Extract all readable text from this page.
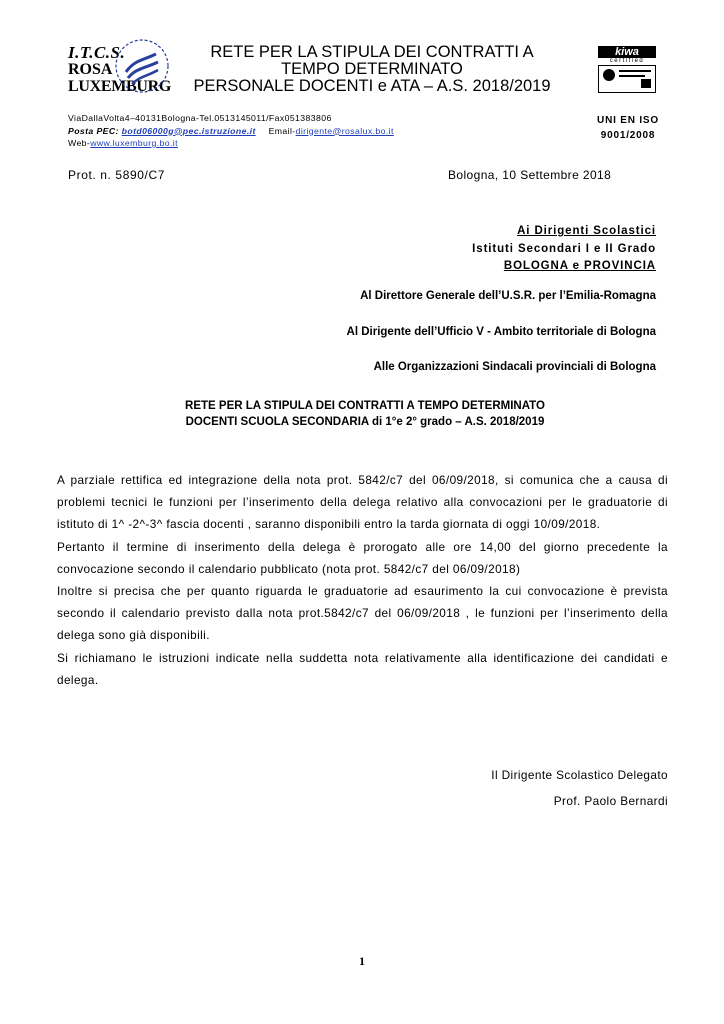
I.T.C.S.
ROSA
LUXEMBURG
RETE PER LA STIPULA DEI CONTRATTI A
TEMPO DETERMINATO
PERSONALE DOCENTI e ATA – A.S. 2018/2019
kiwa
certified
UNI EN ISO
9001/2008
ViaDallaVolta4–40131Bologna-Tel.0513145011/Fax051383806
Posta PEC: botd06000g@pec.istruzione.it Email-dirigente@rosalux.bo.it
Web-www.luxemburg.bo.it
Prot. n. 5890/C7	Bologna, 10 Settembre 2018
Ai Dirigenti Scolastici
Istituti Secondari I e II Grado
BOLOGNA e PROVINCIA
Al Direttore Generale dell’U.S.R. per l’Emilia-Romagna
Al Dirigente dell’Ufficio V - Ambito territoriale di Bologna
Alle Organizzazioni Sindacali provinciali di Bologna
RETE PER LA STIPULA DEI CONTRATTI A TEMPO DETERMINATO
DOCENTI SCUOLA SECONDARIA di 1°e 2° grado – A.S. 2018/2019

A parziale rettifica ed integrazione della nota prot. 5842/c7 del 06/09/2018, si comunica che a causa di problemi tecnici le funzioni per l’inserimento della delega relativo alla convocazioni per le graduatorie di istituto di 1^ -2^-3^ fascia docenti , saranno disponibili entro la tarda giornata di oggi 10/09/2018.

Pertanto il termine di inserimento della delega è prorogato alle ore 14,00 del giorno precedente la convocazione secondo il calendario pubblicato (nota prot. 5842/c7 del 06/09/2018)

Inoltre si precisa che per quanto riguarda le graduatorie ad esaurimento la cui convocazione è prevista secondo il calendario previsto dalla nota prot.5842/c7 del 06/09/2018 , le funzioni per l’inserimento della delega sono già disponibili.

Si richiamano le istruzioni indicate nella suddetta nota relativamente alla identificazione dei candidati e delega.

Il Dirigente Scolastico Delegato
Prof. Paolo Bernardi
1
